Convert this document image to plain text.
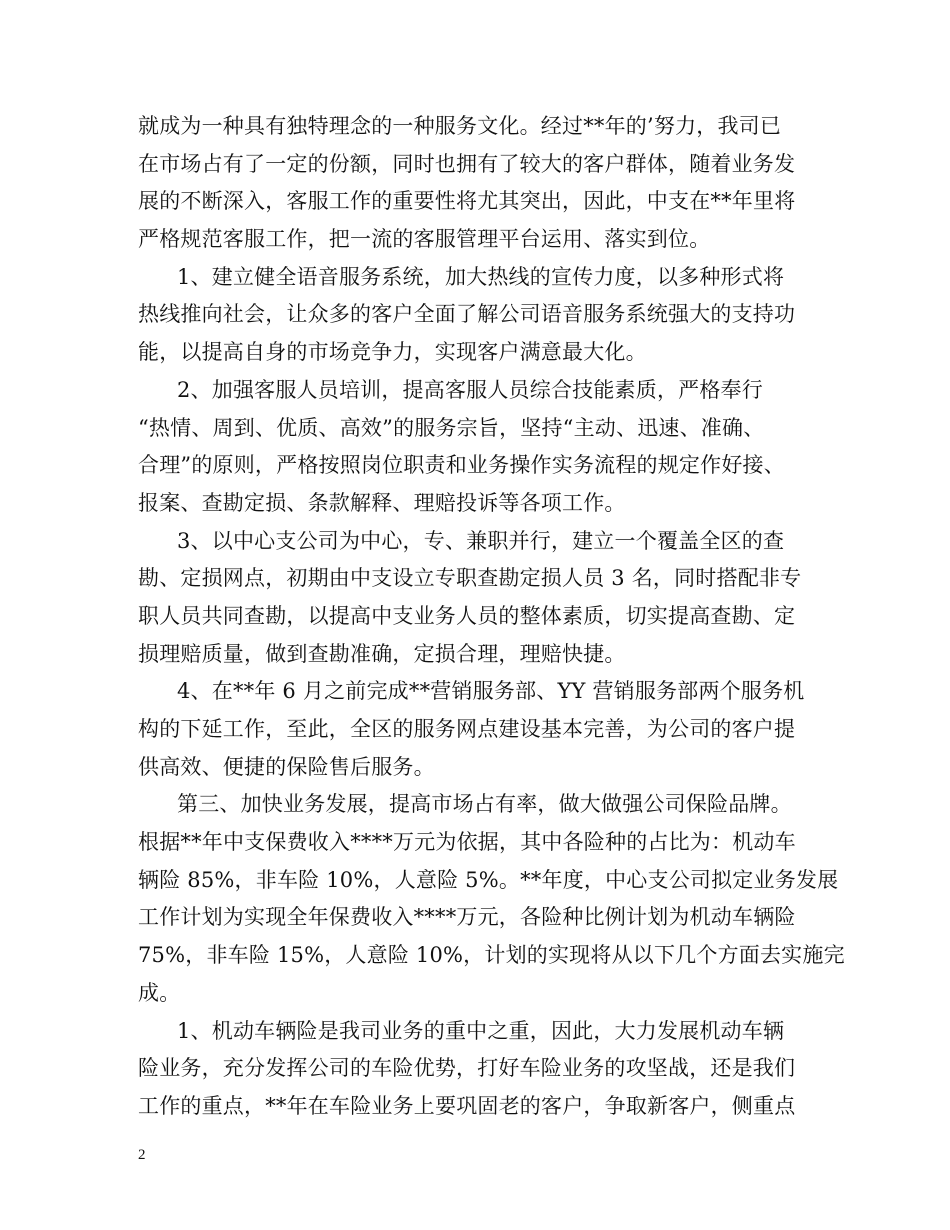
就成为一种具有独特理念的一种服务文化。经过**年的’努力，我司已
在市场占有了一定的份额，同时也拥有了较大的客户群体，随着业务发
展的不断深入，客服工作的重要性将尤其突出，因此，中支在**年里将
严格规范客服工作，把一流的客服管理平台运用、落实到位。
1、建立健全语音服务系统，加大热线的宣传力度，以多种形式将
热线推向社会，让众多的客户全面了解公司语音服务系统强大的支持功
能，以提高自身的市场竞争力，实现客户满意最大化。
2、加强客服人员培训，提高客服人员综合技能素质，严格奉行
“热情、周到、优质、高效”的服务宗旨，坚持“主动、迅速、准确、
合理”的原则，严格按照岗位职责和业务操作实务流程的规定作好接、
报案、查勘定损、条款解释、理赔投诉等各项工作。
3、以中心支公司为中心，专、兼职并行，建立一个覆盖全区的查
勘、定损网点，初期由中支设立专职查勘定损人员 3 名，同时搭配非专
职人员共同查勘，以提高中支业务人员的整体素质，切实提高查勘、定
损理赔质量，做到查勘准确，定损合理，理赔快捷。
4、在**年 6 月之前完成**营销服务部、YY 营销服务部两个服务机
构的下延工作，至此，全区的服务网点建设基本完善，为公司的客户提
供高效、便捷的保险售后服务。
第三、加快业务发展，提高市场占有率，做大做强公司保险品牌。
根据**年中支保费收入****万元为依据，其中各险种的占比为：机动车
辆险 85%，非车险 10%，人意险 5%。**年度，中心支公司拟定业务发展
工作计划为实现全年保费收入****万元，各险种比例计划为机动车辆险
75%，非车险 15%，人意险 10%，计划的实现将从以下几个方面去实施完
成。
1、机动车辆险是我司业务的重中之重，因此，大力发展机动车辆
险业务，充分发挥公司的车险优势，打好车险业务的攻坚战，还是我们
工作的重点，**年在车险业务上要巩固老的客户，争取新客户，侧重点
2
